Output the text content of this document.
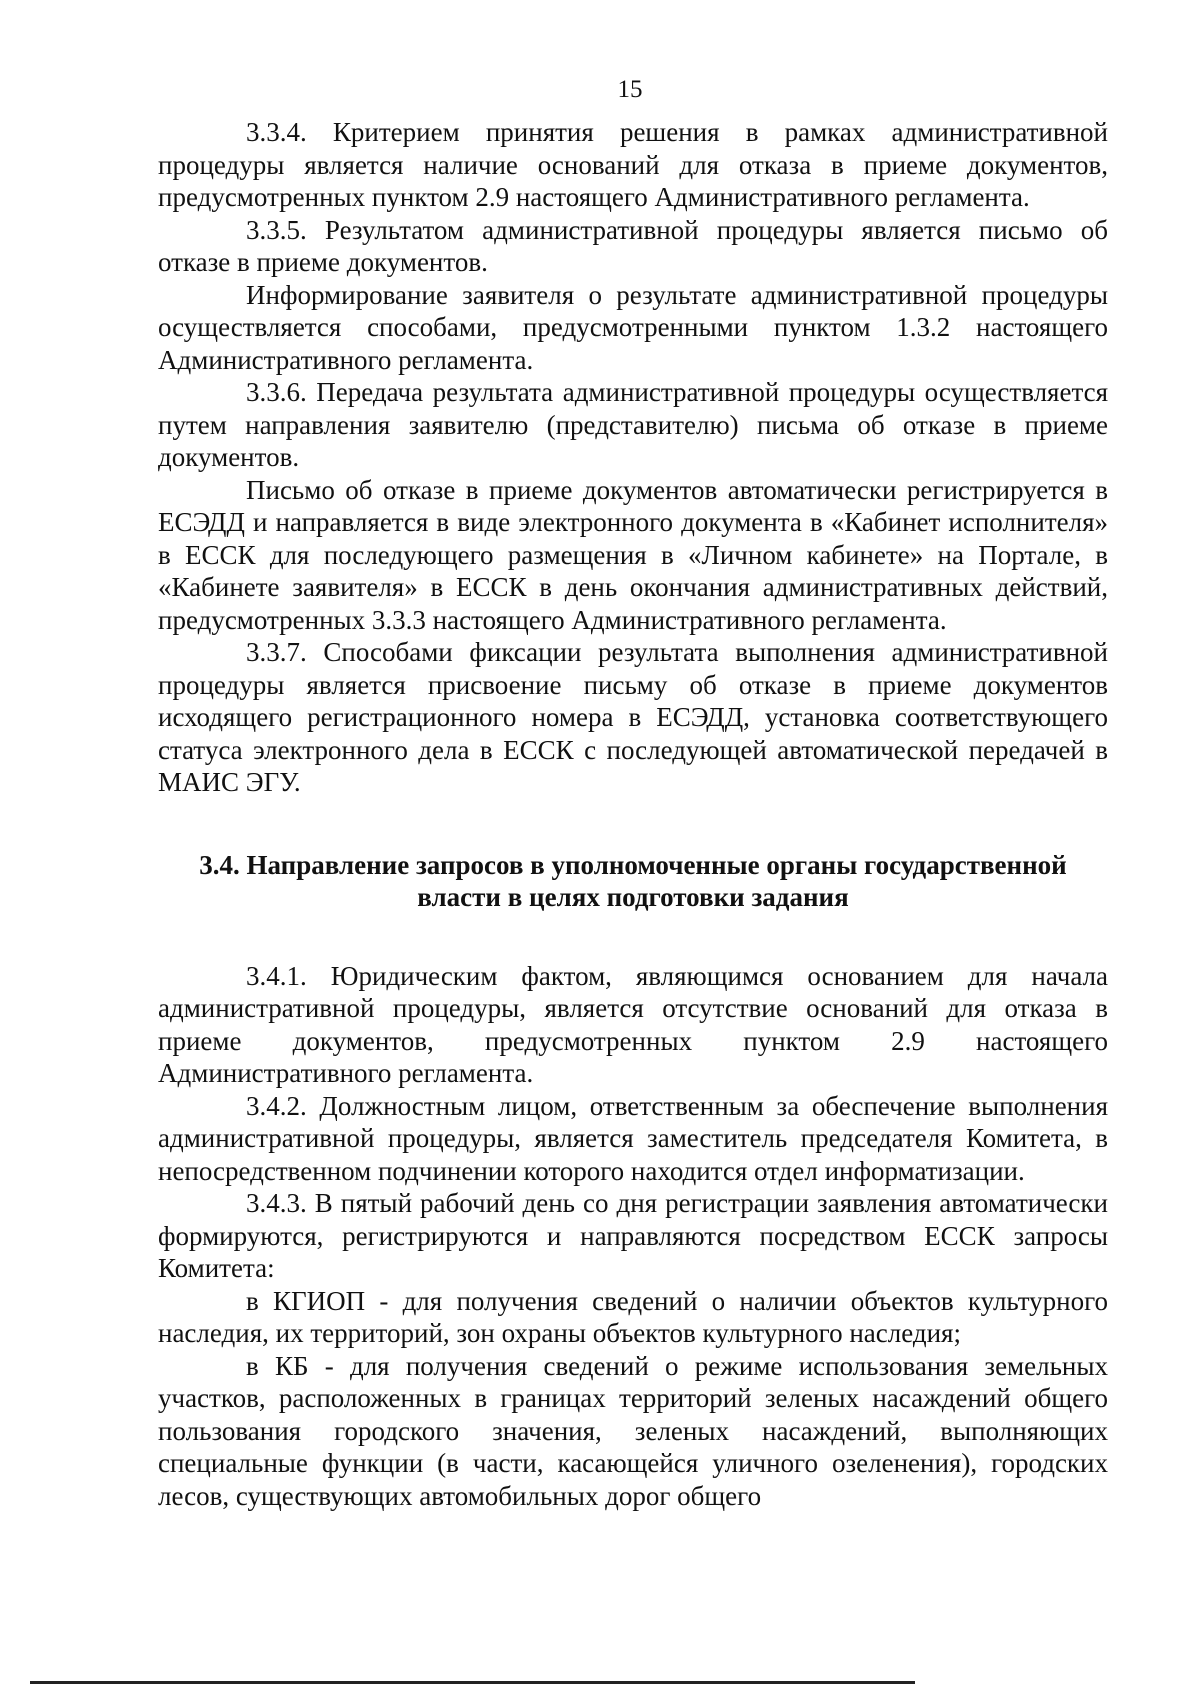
15

3.3.4. Критерием принятия решения в рамках административной процедуры является наличие оснований для отказа в приеме документов, предусмотренных пунктом 2.9 настоящего Административного регламента.

3.3.5. Результатом административной процедуры является письмо об отказе в приеме документов.

Информирование заявителя о результате административной процедуры осуществляется способами, предусмотренными пунктом 1.3.2 настоящего Административного регламента.

3.3.6. Передача результата административной процедуры осуществляется путем направления заявителю (представителю) письма об отказе в приеме документов.

Письмо об отказе в приеме документов автоматически регистрируется в ЕСЭДД и направляется в виде электронного документа в «Кабинет исполнителя» в ЕССК для последующего размещения в «Личном кабинете» на Портале, в «Кабинете заявителя» в ЕССК в день окончания административных действий, предусмотренных 3.3.3 настоящего Административного регламента.

3.3.7. Способами фиксации результата выполнения административной процедуры является присвоение письму об отказе в приеме документов исходящего регистрационного номера в ЕСЭДД, установка соответствующего статуса электронного дела в ЕССК с последующей автоматической передачей в МАИС ЭГУ.

3.4. Направление запросов в уполномоченные органы государственной власти в целях подготовки задания

3.4.1. Юридическим фактом, являющимся основанием для начала административной процедуры, является отсутствие оснований для отказа в приеме документов, предусмотренных пунктом 2.9 настоящего Административного регламента.

3.4.2. Должностным лицом, ответственным за обеспечение выполнения административной процедуры, является заместитель председателя Комитета, в непосредственном подчинении которого находится отдел информатизации.

3.4.3. В пятый рабочий день со дня регистрации заявления автоматически формируются, регистрируются и направляются посредством ЕССК запросы Комитета:

в КГИОП - для получения сведений о наличии объектов культурного наследия, их территорий, зон охраны объектов культурного наследия;

в КБ - для получения сведений о режиме использования земельных участков, расположенных в границах территорий зеленых насаждений общего пользования городского значения, зеленых насаждений, выполняющих специальные функции (в части, касающейся уличного озеленения), городских лесов, существующих автомобильных дорог общего
